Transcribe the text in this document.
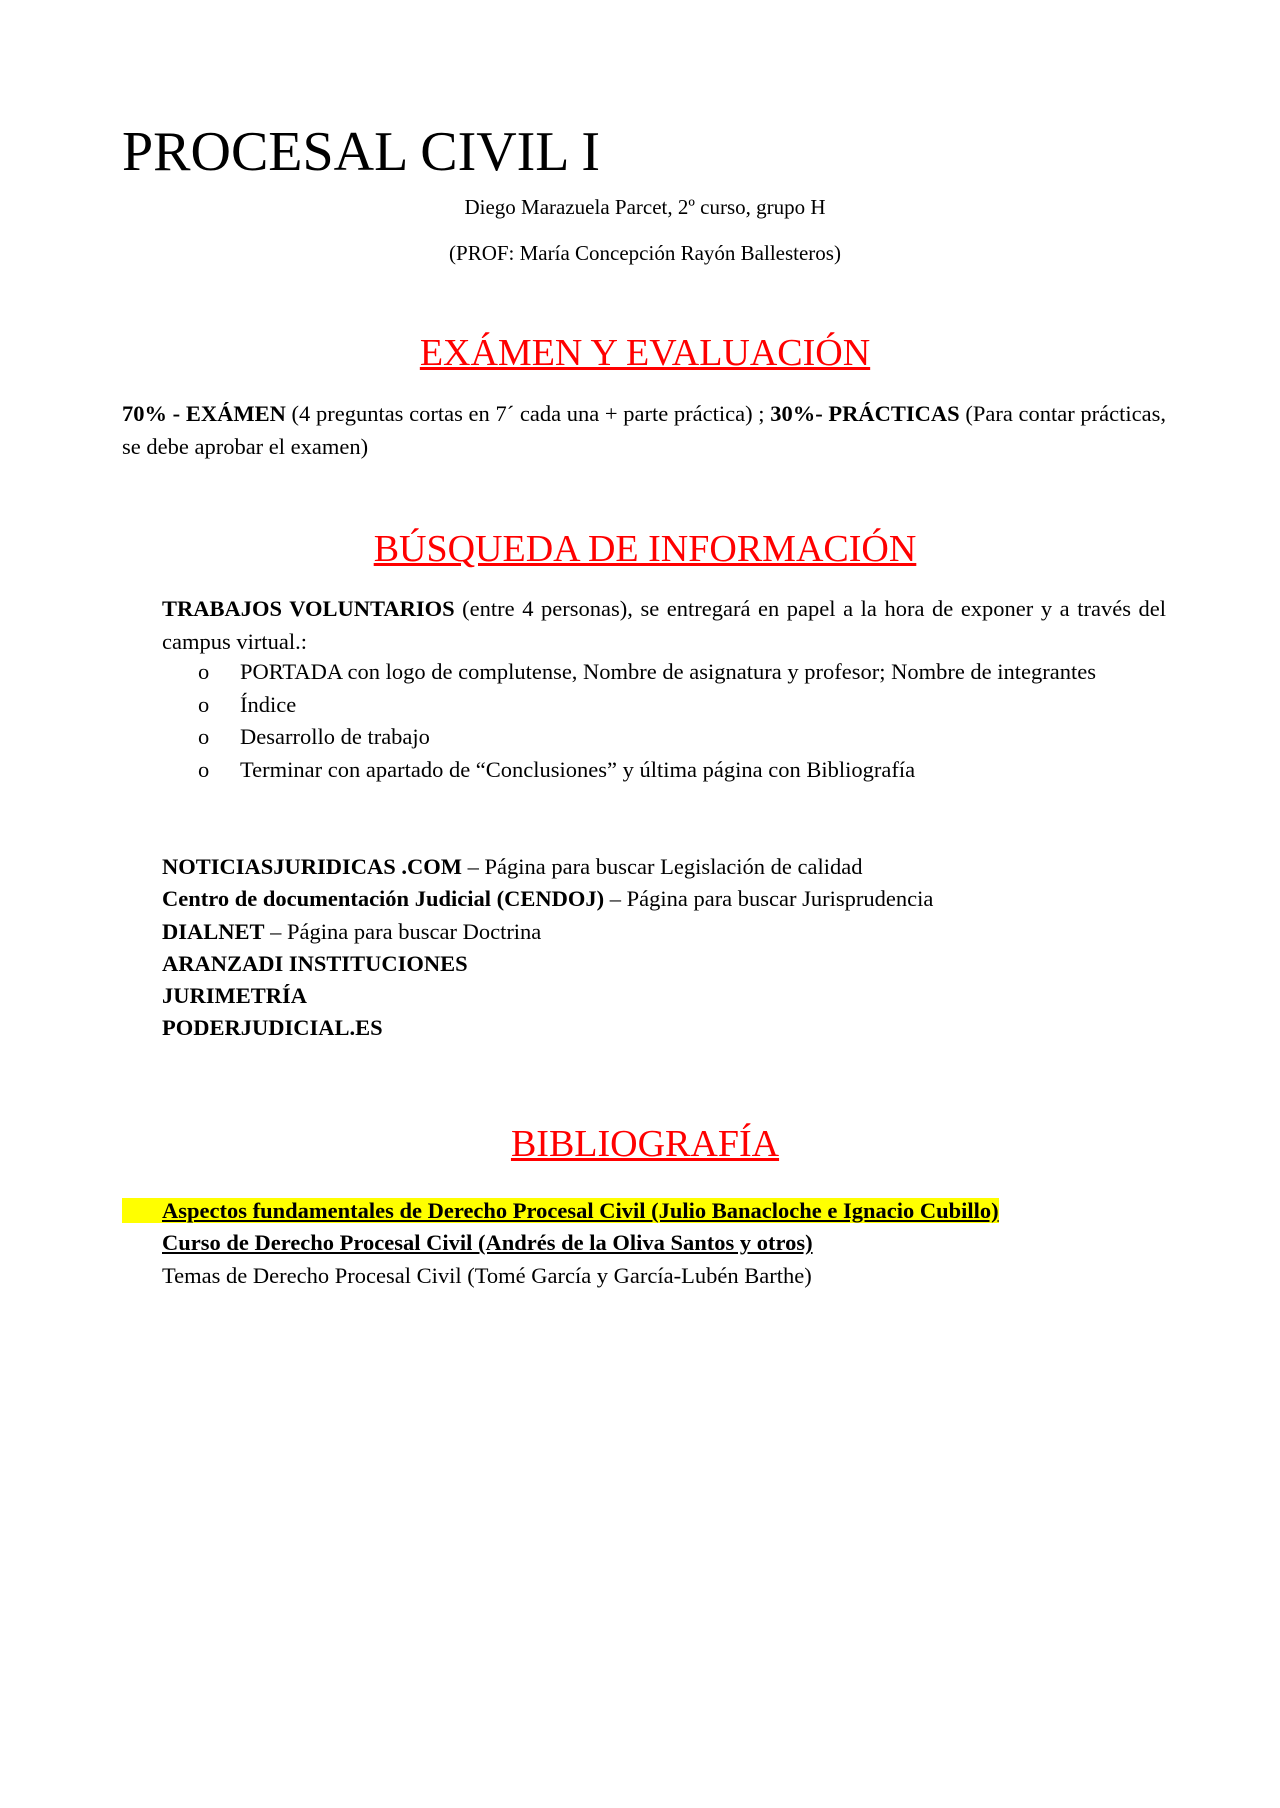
PROCESAL CIVIL I
Diego Marazuela Parcet, 2º curso, grupo H
(PROF: María Concepción Rayón Ballesteros)
EXÁMEN Y EVALUACIÓN

70% - EXÁMEN (4 preguntas cortas en 7´ cada una + parte práctica) ; 30%- PRÁCTICAS (Para contar prácticas, se debe aprobar el examen)

BÚSQUEDA DE INFORMACIÓN

TRABAJOS VOLUNTARIOS (entre 4 personas), se entregará en papel a la hora de exponer y a través del campus virtual.:

o PORTADA con logo de complutense, Nombre de asignatura y profesor; Nombre de integrantes
o Índice
o Desarrollo de trabajo
o Terminar con apartado de “Conclusiones” y última página con Bibliografía
NOTICIASJURIDICAS .COM – Página para buscar Legislación de calidad
Centro de documentación Judicial (CENDOJ) – Página para buscar Jurisprudencia
DIALNET – Página para buscar Doctrina
ARANZADI INSTITUCIONES
JURIMETRÍA
PODERJUDICIAL.ES
BIBLIOGRAFÍA
Aspectos fundamentales de Derecho Procesal Civil (Julio Banacloche e Ignacio Cubillo)
Curso de Derecho Procesal Civil (Andrés de la Oliva Santos y otros)
Temas de Derecho Procesal Civil (Tomé García y García-Lubén Barthe)
